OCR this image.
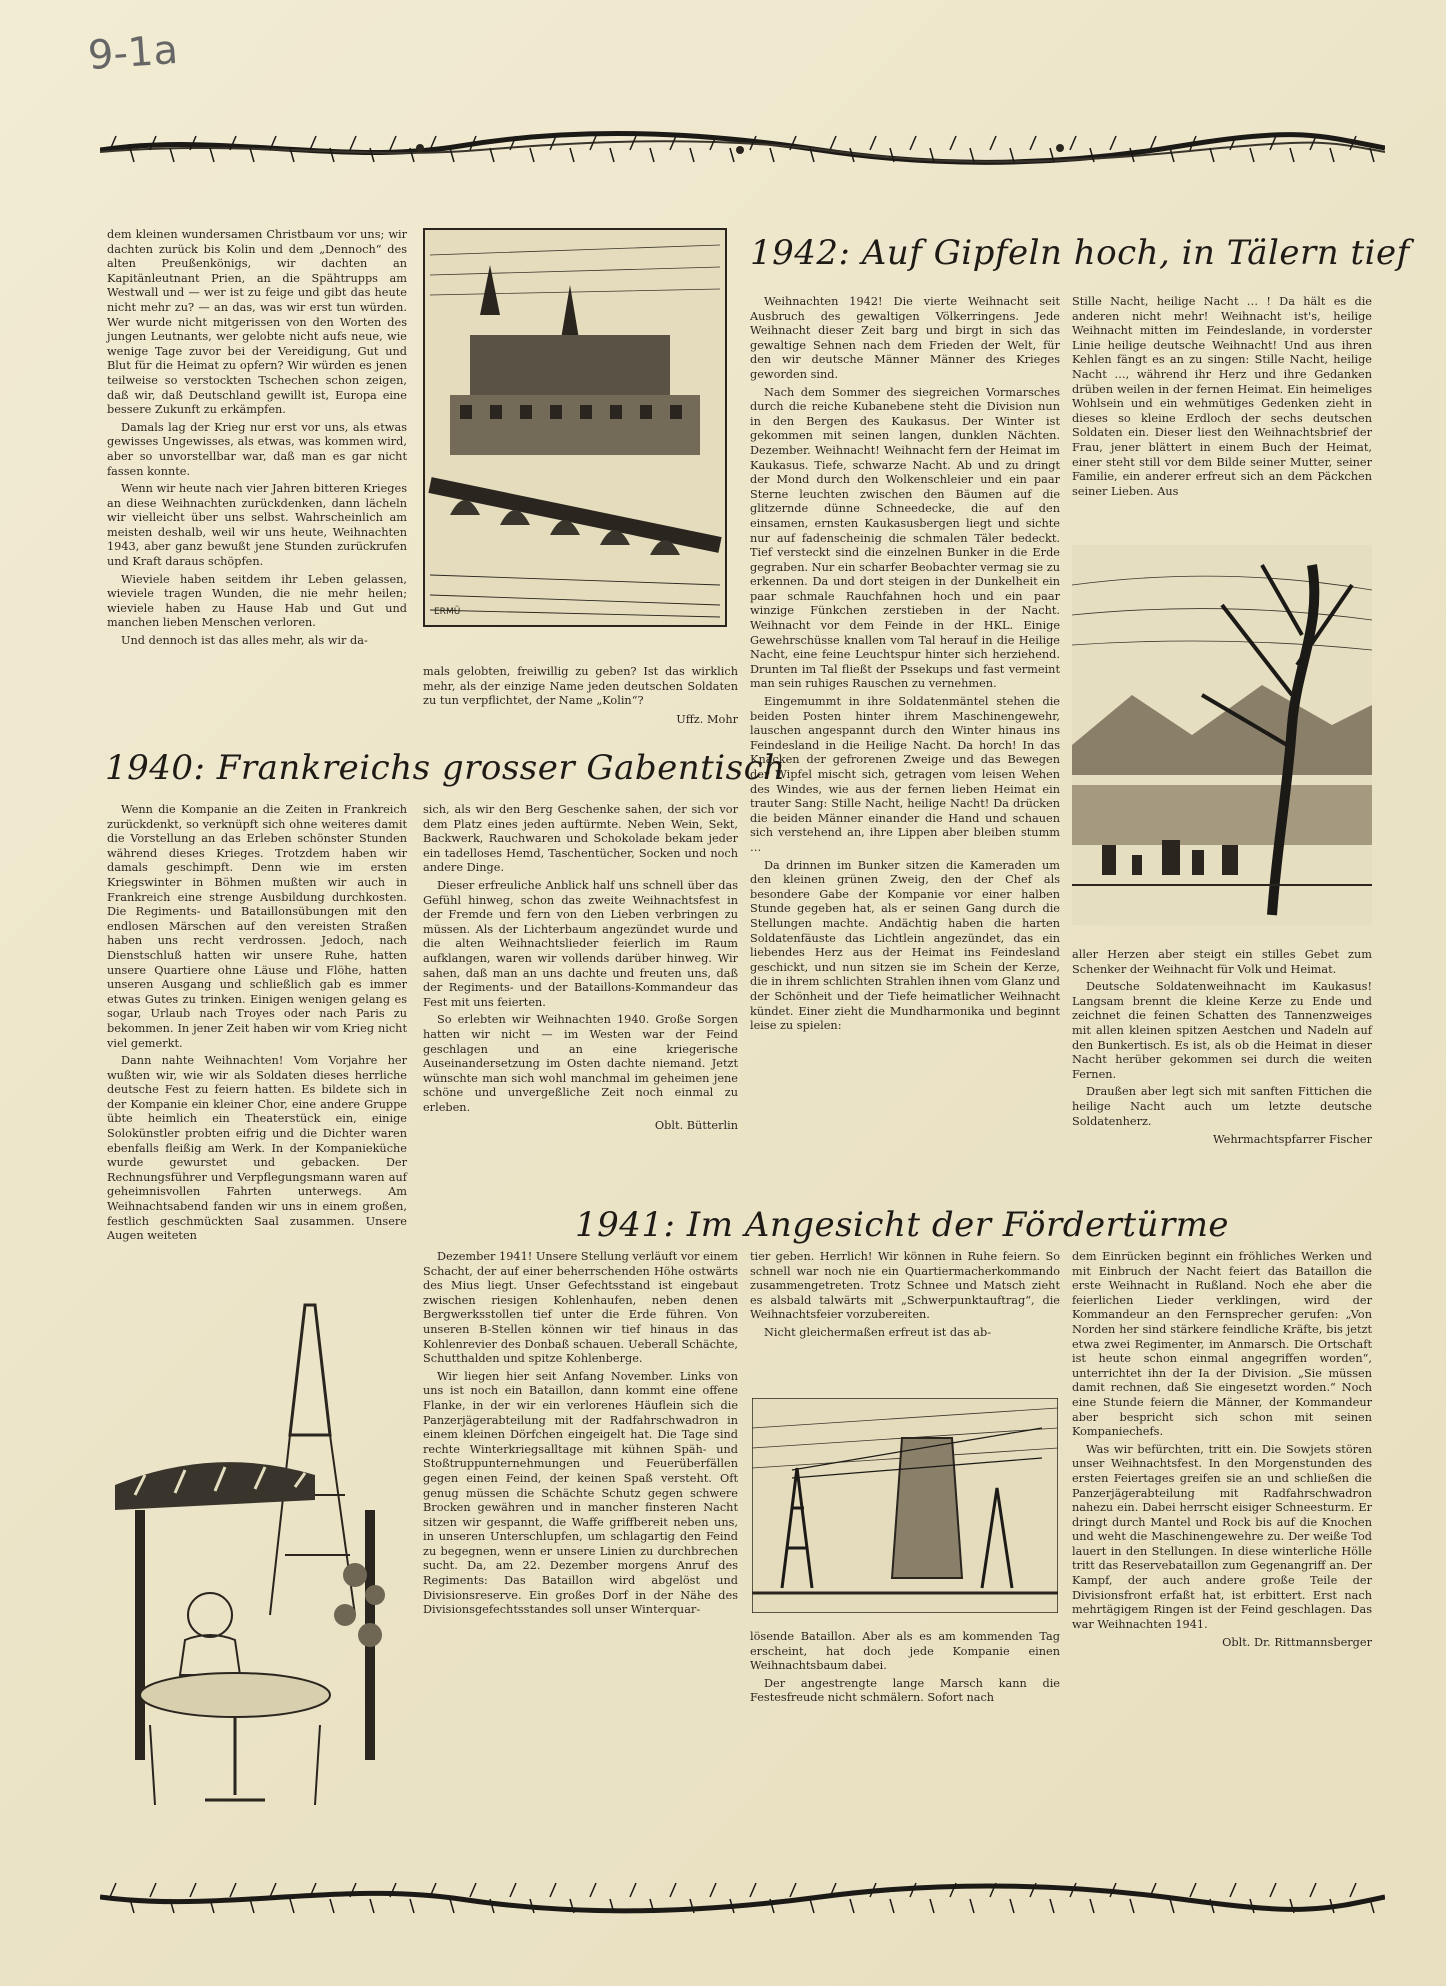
9-1a

dem kleinen wundersamen Christbaum vor uns; wir dachten zurück bis Kolin und dem „Dennoch“ des alten Preußenkönigs, wir dachten an Kapitänleutnant Prien, an die Spähtrupps am Westwall und — wer ist zu feige und gibt das heute nicht mehr zu? — an das, was wir erst tun würden. Wer wurde nicht mitgerissen von den Worten des jungen Leutnants, wer gelobte nicht aufs neue, wie wenige Tage zuvor bei der Vereidigung, Gut und Blut für die Heimat zu opfern? Wir würden es jenen teilweise so verstockten Tschechen schon zeigen, daß wir, daß Deutschland gewillt ist, Europa eine bessere Zukunft zu erkämpfen.

Damals lag der Krieg nur erst vor uns, als etwas gewisses Ungewisses, als etwas, was kommen wird, aber so unvorstellbar war, daß man es gar nicht fassen konnte.

Wenn wir heute nach vier Jahren bitteren Krieges an diese Weihnachten zurückdenken, dann lächeln wir vielleicht über uns selbst. Wahrscheinlich am meisten deshalb, weil wir uns heute, Weihnachten 1943, aber ganz bewußt jene Stunden zurückrufen und Kraft daraus schöpfen.

Wieviele haben seitdem ihr Leben gelassen, wieviele tragen Wunden, die nie mehr heilen; wieviele haben zu Hause Hab und Gut und manchen lieben Menschen verloren.

Und dennoch ist das alles mehr, als wir da-

ERMÜ

mals gelobten, freiwillig zu geben? Ist das wirklich mehr, als der einzige Name jeden deutschen Soldaten zu tun verpflichtet, der Name „Kolin“?

Uffz. Mohr
1942: Auf Gipfeln hoch, in Tälern tief

Weihnachten 1942! Die vierte Weihnacht seit Ausbruch des gewaltigen Völkerringens. Jede Weihnacht dieser Zeit barg und birgt in sich das gewaltige Sehnen nach dem Frieden der Welt, für den wir deutsche Männer Männer des Krieges geworden sind.

Nach dem Sommer des siegreichen Vormarsches durch die reiche Kubanebene steht die Division nun in den Bergen des Kaukasus. Der Winter ist gekommen mit seinen langen, dunklen Nächten. Dezember. Weihnacht! Weihnacht fern der Heimat im Kaukasus. Tiefe, schwarze Nacht. Ab und zu dringt der Mond durch den Wolkenschleier und ein paar Sterne leuchten zwischen den Bäumen auf die glitzernde dünne Schneedecke, die auf den einsamen, ernsten Kaukasusbergen liegt und sichte nur auf fadenscheinig die schmalen Täler bedeckt. Tief versteckt sind die einzelnen Bunker in die Erde gegraben. Nur ein scharfer Beobachter vermag sie zu erkennen. Da und dort steigen in der Dunkelheit ein paar schmale Rauchfahnen hoch und ein paar winzige Fünkchen zerstieben in der Nacht. Weihnacht vor dem Feinde in der HKL. Einige Gewehrschüsse knallen vom Tal herauf in die Heilige Nacht, eine feine Leuchtspur hinter sich herziehend. Drunten im Tal fließt der Pssekups und fast vermeint man sein ruhiges Rauschen zu vernehmen.

Eingemummt in ihre Soldatenmäntel stehen die beiden Posten hinter ihrem Maschinengewehr, lauschen angespannt durch den Winter hinaus ins Feindesland in die Heilige Nacht. Da horch! In das Knacken der gefrorenen Zweige und das Bewegen der Wipfel mischt sich, getragen vom leisen Wehen des Windes, wie aus der fernen lieben Heimat ein trauter Sang: Stille Nacht, heilige Nacht! Da drücken die beiden Männer einander die Hand und schauen sich verstehend an, ihre Lippen aber bleiben stumm …

Da drinnen im Bunker sitzen die Kameraden um den kleinen grünen Zweig, den der Chef als besondere Gabe der Kompanie vor einer halben Stunde gegeben hat, als er seinen Gang durch die Stellungen machte. Andächtig haben die harten Soldatenfäuste das Lichtlein angezündet, das ein liebendes Herz aus der Heimat ins Feindesland geschickt, und nun sitzen sie im Schein der Kerze, die in ihrem schlichten Strahlen ihnen vom Glanz und der Schönheit und der Tiefe heimatlicher Weihnacht kündet. Einer zieht die Mundharmonika und beginnt leise zu spielen:

Stille Nacht, heilige Nacht … ! Da hält es die anderen nicht mehr! Weihnacht ist's, heilige Weihnacht mitten im Feindeslande, in vorderster Linie heilige deutsche Weihnacht! Und aus ihren Kehlen fängt es an zu singen: Stille Nacht, heilige Nacht …, während ihr Herz und ihre Gedanken drüben weilen in der fernen Heimat. Ein heimeliges Wohlsein und ein wehmütiges Gedenken zieht in dieses so kleine Erdloch der sechs deutschen Soldaten ein. Dieser liest den Weihnachtsbrief der Frau, jener blättert in einem Buch der Heimat, einer steht still vor dem Bilde seiner Mutter, seiner Familie, ein anderer erfreut sich an dem Päckchen seiner Lieben. Aus

aller Herzen aber steigt ein stilles Gebet zum Schenker der Weihnacht für Volk und Heimat.

Deutsche Soldatenweihnacht im Kaukasus! Langsam brennt die kleine Kerze zu Ende und zeichnet die feinen Schatten des Tannenzweiges mit allen kleinen spitzen Aestchen und Nadeln auf den Bunkertisch. Es ist, als ob die Heimat in dieser Nacht herüber gekommen sei durch die weiten Fernen.

Draußen aber legt sich mit sanften Fittichen die heilige Nacht auch um letzte deutsche Soldatenherz.

Wehrmachtspfarrer Fischer
1940: Frankreichs grosser Gabentisch

Wenn die Kompanie an die Zeiten in Frankreich zurückdenkt, so verknüpft sich ohne weiteres damit die Vorstellung an das Erleben schönster Stunden während dieses Krieges. Trotzdem haben wir damals geschimpft. Denn wie im ersten Kriegswinter in Böhmen mußten wir auch in Frankreich eine strenge Ausbildung durchkosten. Die Regiments- und Bataillonsübungen mit den endlosen Märschen auf den vereisten Straßen haben uns recht verdrossen. Jedoch, nach Dienstschluß hatten wir unsere Ruhe, hatten unsere Quartiere ohne Läuse und Flöhe, hatten unseren Ausgang und schließlich gab es immer etwas Gutes zu trinken. Einigen wenigen gelang es sogar, Urlaub nach Troyes oder nach Paris zu bekommen. In jener Zeit haben wir vom Krieg nicht viel gemerkt.

Dann nahte Weihnachten! Vom Vorjahre her wußten wir, wie wir als Soldaten dieses herrliche deutsche Fest zu feiern hatten. Es bildete sich in der Kompanie ein kleiner Chor, eine andere Gruppe übte heimlich ein Theaterstück ein, einige Solokünstler probten eifrig und die Dichter waren ebenfalls fleißig am Werk. In der Kompanieküche wurde gewurstet und gebacken. Der Rechnungsführer und Verpflegungsmann waren auf geheimnisvollen Fahrten unterwegs. Am Weihnachtsabend fanden wir uns in einem großen, festlich geschmückten Saal zusammen. Unsere Augen weiteten

sich, als wir den Berg Geschenke sahen, der sich vor dem Platz eines jeden auftürmte. Neben Wein, Sekt, Backwerk, Rauchwaren und Schokolade bekam jeder ein tadelloses Hemd, Taschentücher, Socken und noch andere Dinge.

Dieser erfreuliche Anblick half uns schnell über das Gefühl hinweg, schon das zweite Weihnachtsfest in der Fremde und fern von den Lieben verbringen zu müssen. Als der Lichterbaum angezündet wurde und die alten Weihnachtslieder feierlich im Raum aufklangen, waren wir vollends darüber hinweg. Wir sahen, daß man an uns dachte und freuten uns, daß der Regiments- und der Bataillons-Kommandeur das Fest mit uns feierten.

So erlebten wir Weihnachten 1940. Große Sorgen hatten wir nicht — im Westen war der Feind geschlagen und an eine kriegerische Auseinandersetzung im Osten dachte niemand. Jetzt wünschte man sich wohl manchmal im geheimen jene schöne und unvergeßliche Zeit noch einmal zu erleben.

Oblt. Bütterlin
1941: Im Angesicht der Fördertürme

Dezember 1941! Unsere Stellung verläuft vor einem Schacht, der auf einer beherrschenden Höhe ostwärts des Mius liegt. Unser Gefechtsstand ist eingebaut zwischen riesigen Kohlenhaufen, neben denen Bergwerksstollen tief unter die Erde führen. Von unseren B-Stellen können wir tief hinaus in das Kohlenrevier des Donbaß schauen. Ueberall Schächte, Schutthalden und spitze Kohlenberge.

Wir liegen hier seit Anfang November. Links von uns ist noch ein Bataillon, dann kommt eine offene Flanke, in der wir ein verlorenes Häuflein sich die Panzerjägerabteilung mit der Radfahrschwadron in einem kleinen Dörfchen eingeigelt hat. Die Tage sind rechte Winterkriegsalltage mit kühnen Späh- und Stoßtruppunternehmungen und Feuerüberfällen gegen einen Feind, der keinen Spaß versteht. Oft genug müssen die Schächte Schutz gegen schwere Brocken gewähren und in mancher finsteren Nacht sitzen wir gespannt, die Waffe griffbereit neben uns, in unseren Unterschlupfen, um schlagartig den Feind zu begegnen, wenn er unsere Linien zu durchbrechen sucht. Da, am 22. Dezember morgens Anruf des Regiments: Das Bataillon wird abgelöst und Divisionsreserve. Ein großes Dorf in der Nähe des Divisionsgefechtsstandes soll unser Winterquar-

tier geben. Herrlich! Wir können in Ruhe feiern. So schnell war noch nie ein Quartiermacherkommando zusammengetreten. Trotz Schnee und Matsch zieht es alsbald talwärts mit „Schwerpunktauftrag“, die Weihnachtsfeier vorzubereiten.

Nicht gleichermaßen erfreut ist das ab-

lösende Bataillon. Aber als es am kommenden Tag erscheint, hat doch jede Kompanie einen Weihnachtsbaum dabei.

Der angestrengte lange Marsch kann die Festesfreude nicht schmälern. Sofort nach

dem Einrücken beginnt ein fröhliches Werken und mit Einbruch der Nacht feiert das Bataillon die erste Weihnacht in Rußland. Noch ehe aber die feierlichen Lieder verklingen, wird der Kommandeur an den Fernsprecher gerufen: „Von Norden her sind stärkere feindliche Kräfte, bis jetzt etwa zwei Regimenter, im Anmarsch. Die Ortschaft ist heute schon einmal angegriffen worden“, unterrichtet ihn der Ia der Division. „Sie müssen damit rechnen, daß Sie eingesetzt worden.“ Noch eine Stunde feiern die Männer, der Kommandeur aber bespricht sich schon mit seinen Kompaniechefs.

Was wir befürchten, tritt ein. Die Sowjets stören unser Weihnachtsfest. In den Morgenstunden des ersten Feiertages greifen sie an und schließen die Panzerjägerabteilung mit Radfahrschwadron nahezu ein. Dabei herrscht eisiger Schneesturm. Er dringt durch Mantel und Rock bis auf die Knochen und weht die Maschinengewehre zu. Der weiße Tod lauert in den Stellungen. In diese winterliche Hölle tritt das Reservebataillon zum Gegenangriff an. Der Kampf, der auch andere große Teile der Divisionsfront erfaßt hat, ist erbittert. Erst nach mehrtägigem Ringen ist der Feind geschlagen. Das war Weihnachten 1941.

Oblt. Dr. Rittmannsberger
